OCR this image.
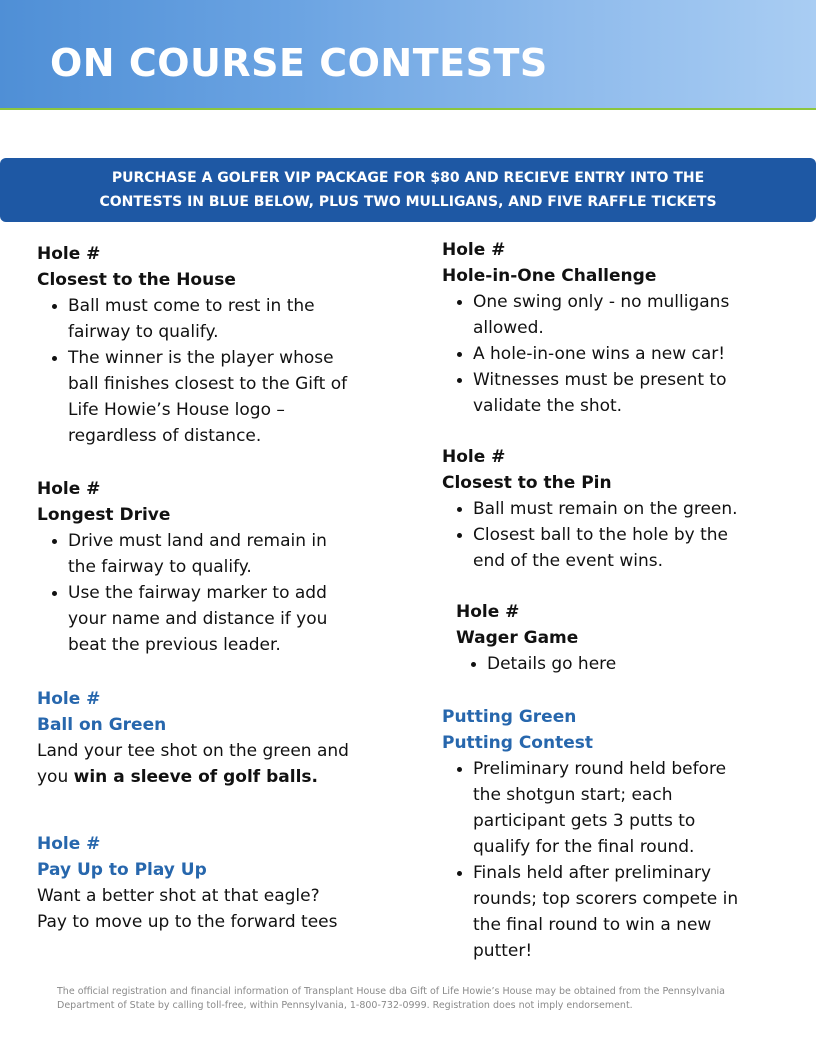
ON COURSE CONTESTS
PURCHASE A GOLFER VIP PACKAGE FOR $80 AND RECIEVE ENTRY INTO THE
CONTESTS IN BLUE BELOW, PLUS TWO MULLIGANS, AND FIVE RAFFLE TICKETS
Hole #
Closest to the House
• Ball must come to rest in the
fairway to qualify.
• The winner is the player whose
ball finishes closest to the Gift of
Life Howie’s House logo –
regardless of distance.
Hole #
Longest Drive
• Drive must land and remain in
the fairway to qualify.
• Use the fairway marker to add
your name and distance if you
beat the previous leader.
Hole #
Ball on Green
Land your tee shot on the green and
you win a sleeve of golf balls.
Hole #
Pay Up to Play Up
Want a better shot at that eagle?
Pay to move up to the forward tees
Hole #
Hole-in-One Challenge
• One swing only - no mulligans
allowed.
• A hole-in-one wins a new car!
• Witnesses must be present to
validate the shot.
Hole #
Closest to the Pin
• Ball must remain on the green.
• Closest ball to the hole by the
end of the event wins.
Hole #
Wager Game
• Details go here
Putting Green
Putting Contest
• Preliminary round held before
the shotgun start; each
participant gets 3 putts to
qualify for the final round.
• Finals held after preliminary
rounds; top scorers compete in
the final round to win a new
putter!
The official registration and financial information of Transplant House dba Gift of Life Howie’s House may be obtained from the Pennsylvania
Department of State by calling toll-free, within Pennsylvania, 1-800-732-0999. Registration does not imply endorsement.
